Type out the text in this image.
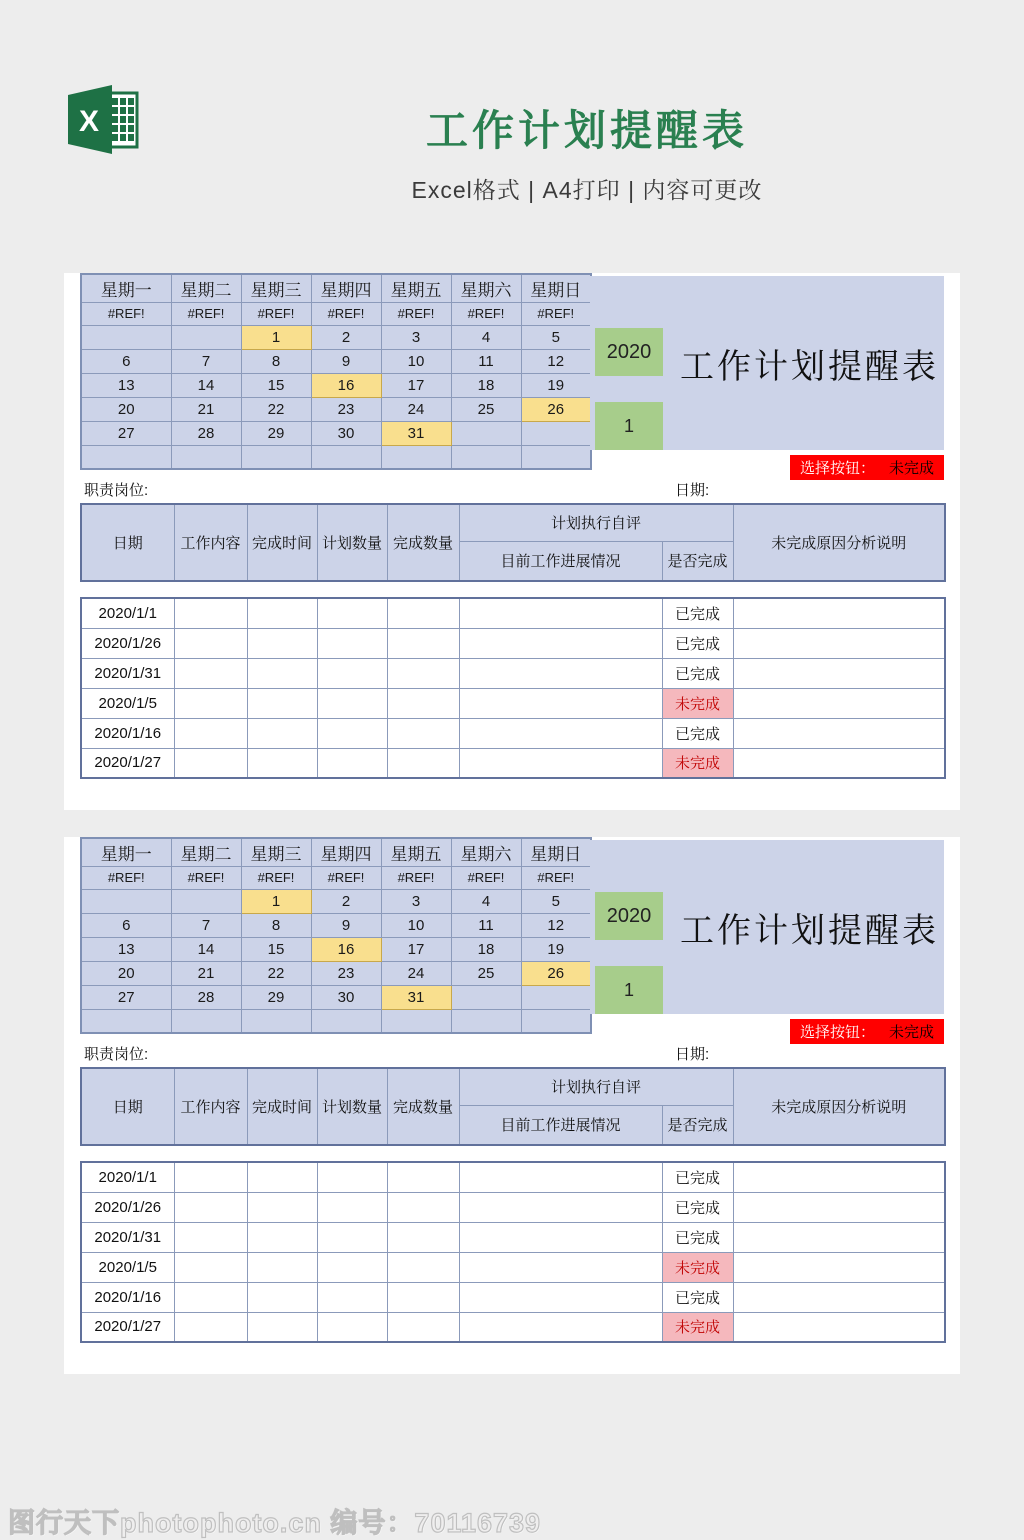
X	工作计划提醒表
Excel格式 | A4打印 | 内容可更改
星期一	星期二	星期三	星期四	星期五	星期六	星期日
#REF!	#REF!	#REF!	#REF!	#REF!	#REF!	#REF!
		1	2	3	4	5
6	7	8	9	10	11	12
13	14	15	16	17	18	19
20	21	22	23	24	25	26
27	28	29	30	31		

2020
1
工作计划提醒表
选择按钮： 未完成
职责岗位:	日期:
日期	工作内容	完成时间	计划数量	完成数量	计划执行自评		未完成原因分析说明
					目前工作进展情况	是否完成	
2020/1/1						已完成	
2020/1/26						已完成	
2020/1/31						已完成	
2020/1/5						未完成	
2020/1/16						已完成	
2020/1/27						未完成	
星期一	星期二	星期三	星期四	星期五	星期六	星期日
#REF!	#REF!	#REF!	#REF!	#REF!	#REF!	#REF!
		1	2	3	4	5
6	7	8	9	10	11	12
13	14	15	16	17	18	19
20	21	22	23	24	25	26
27	28	29	30	31		

2020
1
工作计划提醒表
选择按钮： 未完成
职责岗位:	日期:
日期	工作内容	完成时间	计划数量	完成数量	计划执行自评		未完成原因分析说明
					目前工作进展情况	是否完成	
2020/1/1						已完成	
2020/1/26						已完成	
2020/1/31						已完成	
2020/1/5						未完成	
2020/1/16						已完成	
2020/1/27						未完成	
图行天下photophoto.cn 编号：70116739
